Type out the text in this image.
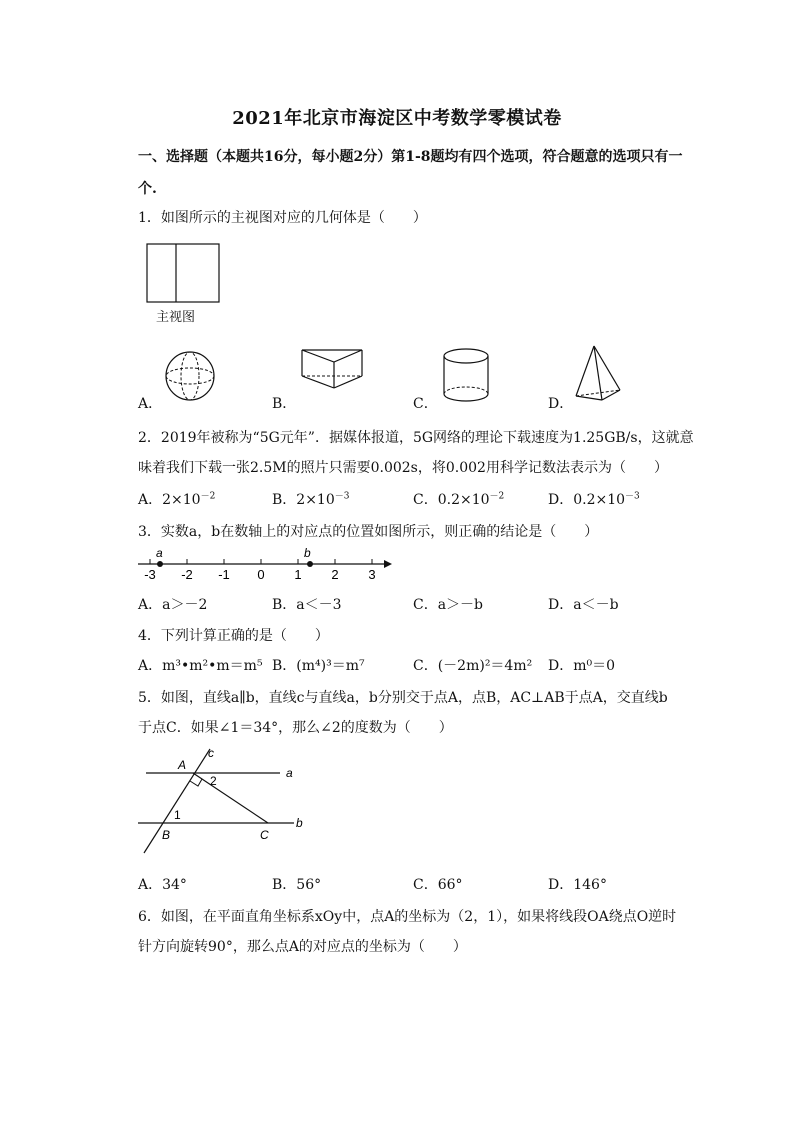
2021年北京市海淀区中考数学零模试卷
一、选择题（本题共16分，每小题2分）第1-8题均有四个选项，符合题意的选项只有一
个.
1．如图所示的主视图对应的几何体是（　　）
主视图
A．	B．	C．	D．
2．2019年被称为“5G元年”．据媒体报道，5G网络的理论下载速度为1.25GB/s，这就意
味着我们下载一张2.5M的照片只需要0.002s，将0.002用科学记数法表示为（　　）
A．$2\times 10^{-2}$	B．$2\times 10^{-3}$	C．$0.2\times 10^{-2}$	D．$0.2\times 10^{-3}$
3．实数a，b在数轴上的对应点的位置如图所示，则正确的结论是（　　）
-3 -2 -1 0 1 2 3
a	b
A．a＞－2	B．a＜－3	C．a＞－b	D．a＜－b
4．下列计算正确的是（　　）
A．m³•m²•m＝m⁵ B．(m⁴)³＝m⁷	C．(－2m)²＝4m² D．m⁰＝0
5．如图，直线a∥b，直线c与直线a，b分别交于点A，点B，AC⊥AB于点A，交直线b
于点C．如果∠1＝34°，那么∠2的度数为（　　）
A
B	C
a
b
c
1
2
A．34°	B．56°	C．66°	D．146°
6．如图，在平面直角坐标系xOy中，点A的坐标为（2，1），如果将线段OA绕点O逆时
针方向旋转90°，那么点A的对应点的坐标为（　　）
